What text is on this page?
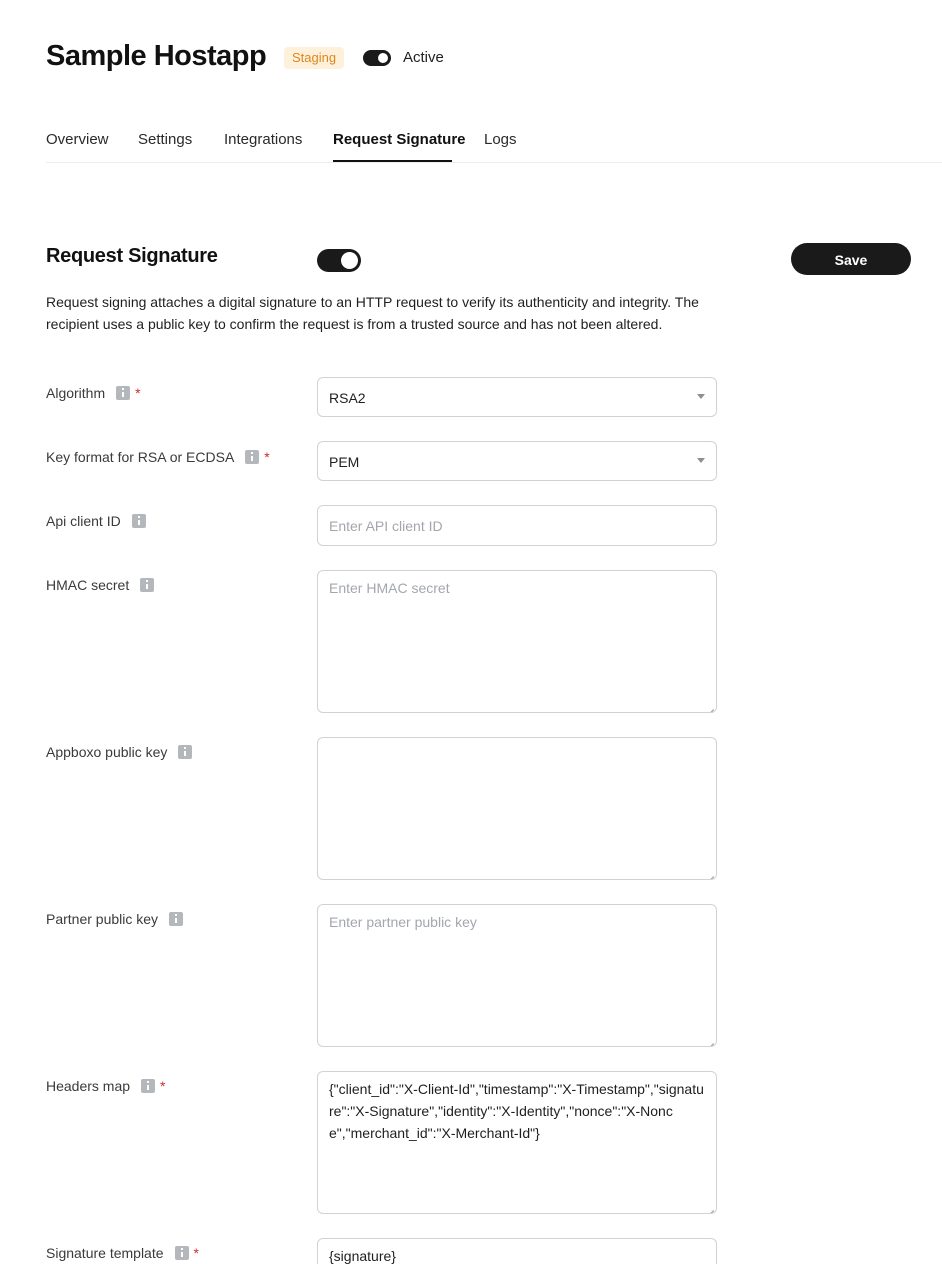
Sample Hostapp	Staging	Active
Overview Settings Integrations Request Signature Logs
Request Signature	Save
Request signing attaches a digital signature to an HTTP request to verify its authenticity and integrity. The recipient uses a public key to confirm the request is from a trusted source and has not been altered.
Algorithm *	RSA2
Key format for RSA or ECDSA *	PEM
Api client ID	Enter API client ID
HMAC secret	Enter HMAC secret
Appboxo public key
Partner public key	Enter partner public key
Headers map *	{"client_id":"X-Client-Id","timestamp":"X-Timestamp","signature":"X-Signature","identity":"X-Identity","nonce":"X-Nonce","merchant_id":"X-Merchant-Id"}
Signature template *	{signature}
